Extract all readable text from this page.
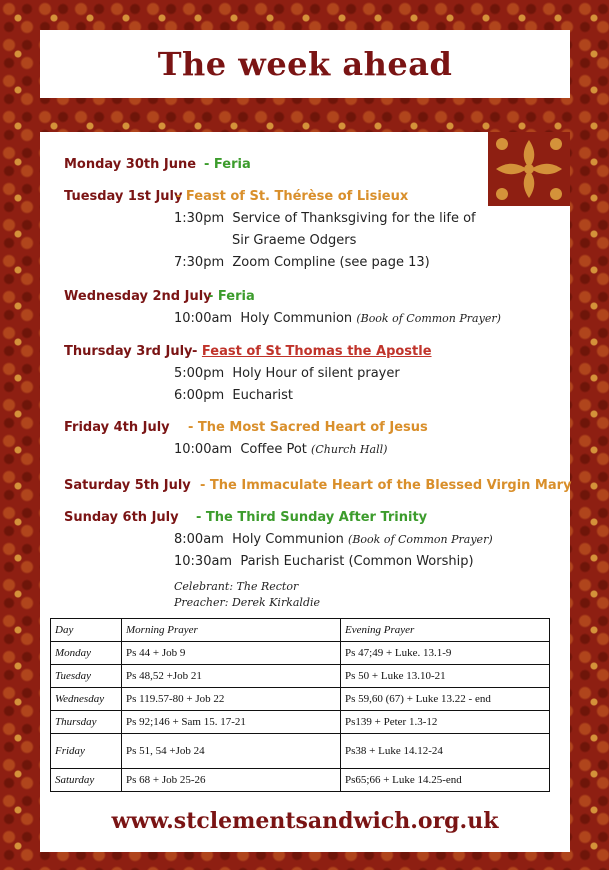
The week ahead
Monday 30th June - Feria
Tuesday 1st July- Feast of St. Thérèse of Lisieux
1:30pm Service of Thanksgiving for the life of
Sir Graeme Odgers
7:30pm Zoom Compline (see page 13)
Wednesday 2nd July- Feria
10:00am Holy Communion (Book of Common Prayer)
Thursday 3rd July- Feast of St Thomas the Apostle
5:00pm Holy Hour of silent prayer
6:00pm Eucharist
Friday 4th July - The Most Sacred Heart of Jesus
10:00am Coffee Pot (Church Hall)
Saturday 5th July - The Immaculate Heart of the Blessed Virgin Mary
Sunday 6th July - The Third Sunday After Trinity
8:00am Holy Communion (Book of Common Prayer)
10:30am Parish Eucharist (Common Worship)
Celebrant: The Rector
Preacher: Derek Kirkaldie
Day	Morning Prayer	Evening Prayer
Monday	Ps 44 + Job 9	Ps 47;49 + Luke. 13.1-9
Tuesday	Ps 48,52 +Job 21	Ps 50 + Luke 13.10-21
Wednesday	Ps 119.57-80 + Job 22	Ps 59,60 (67) + Luke 13.22 - end
Thursday	Ps 92;146 + Sam 15. 17-21	Ps139 + Peter 1.3-12
Friday	Ps 51, 54 +Job 24	Ps38 + Luke 14.12-24
Saturday	Ps 68 + Job 25-26	Ps65;66 + Luke 14.25-end
www.stclementsandwich.org.uk
